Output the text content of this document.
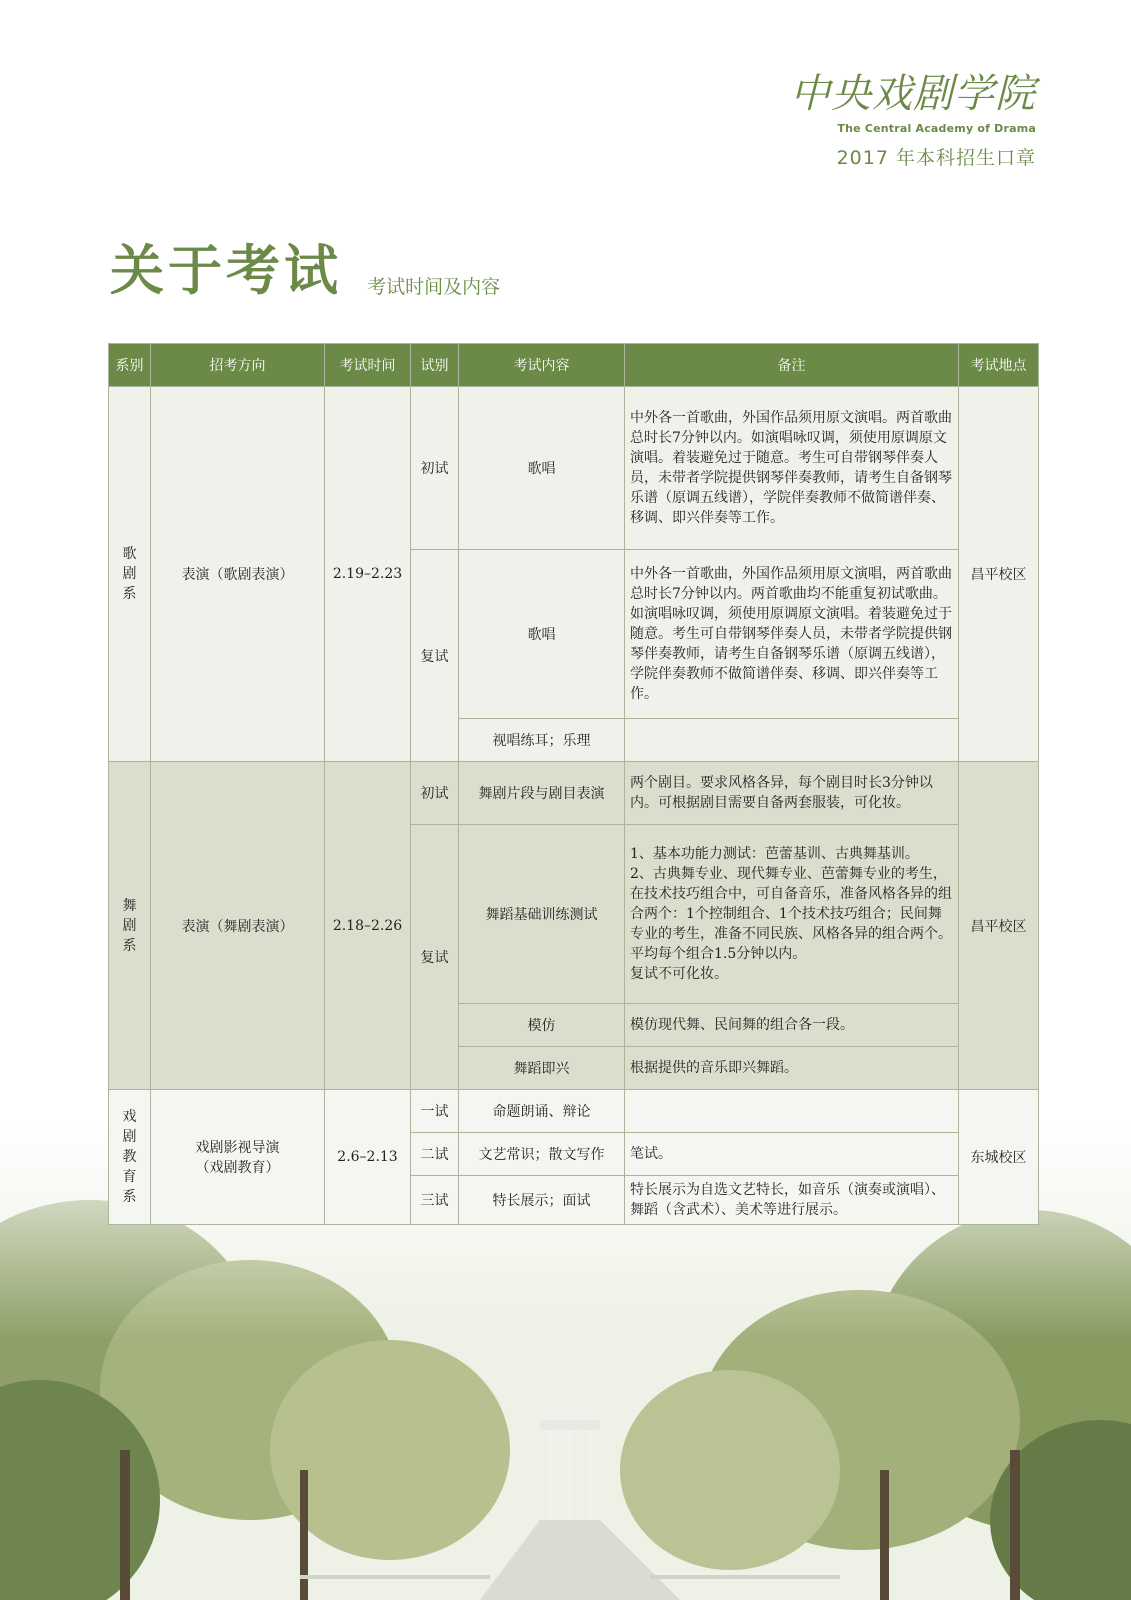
中央戏剧学院
The Central Academy of Drama
2017 年本科招生口章
关于考试 考试时间及内容
系别	招考方向	考试时间	试别	考试内容	备注	考试地点

歌剧系	表演（歌剧表演）	2.19–2.23	初试	歌唱	中外各一首歌曲，外国作品须用原文演唱。两首歌曲总时长7分钟以内。如演唱咏叹调，须使用原调原文演唱。着装避免过于随意。考生可自带钢琴伴奏人员，未带者学院提供钢琴伴奏教师，请考生自备钢琴乐谱（原调五线谱），学院伴奏教师不做简谱伴奏、移调、即兴伴奏等工作。	昌平校区
			复试	歌唱	中外各一首歌曲，外国作品须用原文演唱，两首歌曲总时长7分钟以内。两首歌曲均不能重复初试歌曲。如演唱咏叹调，须使用原调原文演唱。着装避免过于随意。考生可自带钢琴伴奏人员，未带者学院提供钢琴伴奏教师，请考生自备钢琴乐谱（原调五线谱），学院伴奏教师不做简谱伴奏、移调、即兴伴奏等工作。	
				视唱练耳；乐理		

舞剧系	表演（舞剧表演）	2.18–2.26	初试	舞剧片段与剧目表演	两个剧目。要求风格各异，每个剧目时长3分钟以内。可根据剧目需要自备两套服装，可化妆。	昌平校区
			复试	舞蹈基础训练测试	1、基本功能力测试：芭蕾基训、古典舞基训。
2、古典舞专业、现代舞专业、芭蕾舞专业的考生，在技术技巧组合中，可自备音乐，准备风格各异的组合两个：1个控制组合、1个技术技巧组合；民间舞专业的考生，准备不同民族、风格各异的组合两个。平均每个组合1.5分钟以内。
复试不可化妆。	
				模仿	模仿现代舞、民间舞的组合各一段。	
				舞蹈即兴	根据提供的音乐即兴舞蹈。	

戏剧教育系	戏剧影视导演
（戏剧教育）	2.6–2.13	一试	命题朗诵、辩论		东城校区
			二试	文艺常识；散文写作	笔试。	
			三试	特长展示；面试	特长展示为自选文艺特长，如音乐（演奏或演唱）、舞蹈（含武术）、美术等进行展示。	
